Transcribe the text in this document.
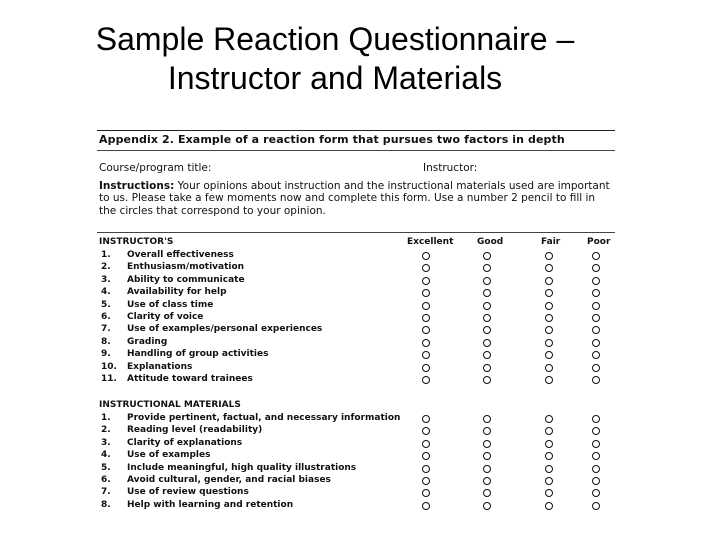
Sample Reaction Questionnaire –
Instructor and Materials
Appendix 2. Example of a reaction form that pursues two factors in depth
Course/program title:	Instructor:
Instructions: Your opinions about instruction and the instructional materials used are important to us. Please take a few moments now and complete this form. Use a number 2 pencil to fill in the circles that correspond to your opinion.
Excellent	Good	Fair	Poor
INSTRUCTOR'S
1.	Overall effectiveness
2.	Enthusiasm/motivation
3.	Ability to communicate
4.	Availability for help
5.	Use of class time
6.	Clarity of voice
7.	Use of examples/personal experiences
8.	Grading
9.	Handling of group activities
10. Explanations
11. Attitude toward trainees
INSTRUCTIONAL MATERIALS
1.	Provide pertinent, factual, and necessary information
2.	Reading level (readability)
3.	Clarity of explanations
4.	Use of examples
5.	Include meaningful, high quality illustrations
6.	Avoid cultural, gender, and racial biases
7.	Use of review questions
8.	Help with learning and retention
